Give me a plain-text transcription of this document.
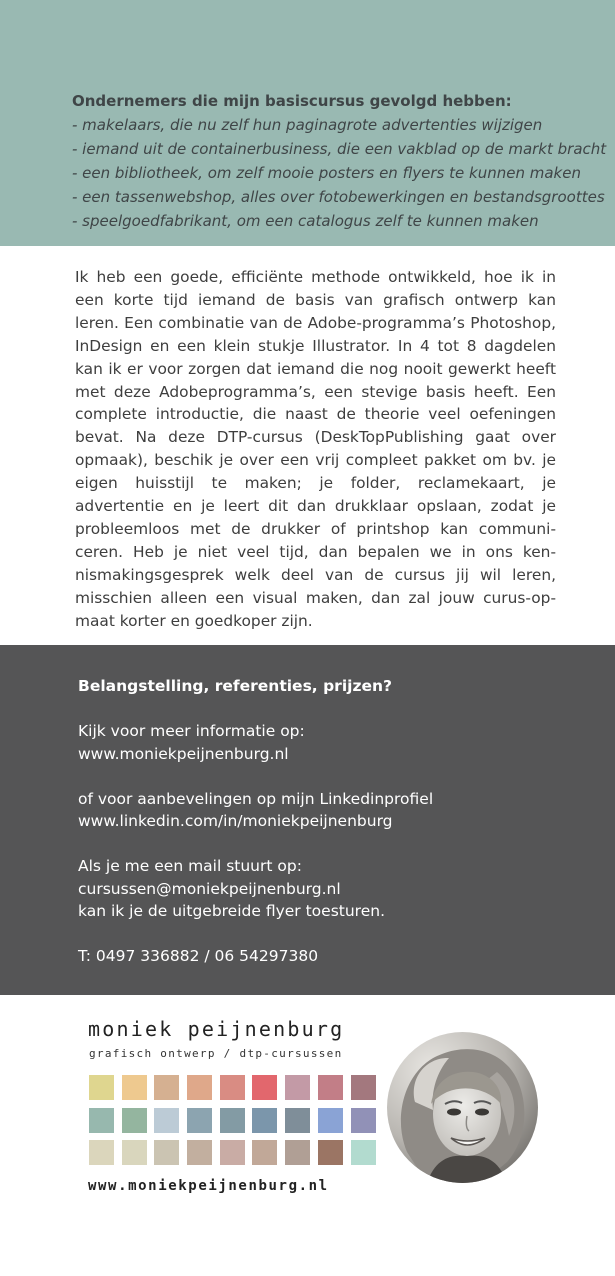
Ondernemers die mijn basiscursus gevolgd hebben:
- makelaars, die nu zelf hun paginagrote advertenties wijzigen
- iemand uit de containerbusiness, die een vakblad op de markt bracht
- een bibliotheek, om zelf mooie posters en flyers te kunnen maken
- een tassenwebshop, alles over fotobewerkingen en bestandsgroottes
- speelgoedfabrikant, om een catalogus zelf te kunnen maken

Ik heb een goede, efficiënte methode ontwikkeld, hoe ik in een korte tijd iemand de basis van grafisch ontwerp kan leren. Een combinatie van de Adobe-programma’s Photoshop, InDesign en een klein stukje Illustrator. In 4 tot 8 dagdelen kan ik er voor zorgen dat iemand die nog nooit gewerkt heeft met deze Adobeprogramma’s, een stevige basis heeft. Een complete introductie, die naast de theorie veel oefeningen bevat. Na deze DTP-cursus (DeskTopPublishing gaat over opmaak), beschik je over een vrij compleet pakket om bv. je eigen huisstijl te maken; je folder, reclamekaart, je advertentie en je leert dit dan drukklaar opslaan, zodat je probleemloos met de drukker of printshop kan communiceren. Heb je niet veel tijd, dan bepalen we in ons kennismakingsgesprek welk deel van de cursus jij wil leren, misschien alleen een visual maken, dan zal jouw curus-opmaat korter en goedkoper zijn.

Belangstelling, referenties, prijzen?
Kijk voor meer informatie op:
www.moniekpeijnenburg.nl
of voor aanbevelingen op mijn Linkedinprofiel
www.linkedin.com/in/moniekpeijnenburg
Als je me een mail stuurt op:
cursussen@moniekpeijnenburg.nl
kan ik je de uitgebreide flyer toesturen.
T: 0497 336882 / 06 54297380
moniek peijnenburg
grafisch ontwerp / dtp-cursussen
www.moniekpeijnenburg.nl
